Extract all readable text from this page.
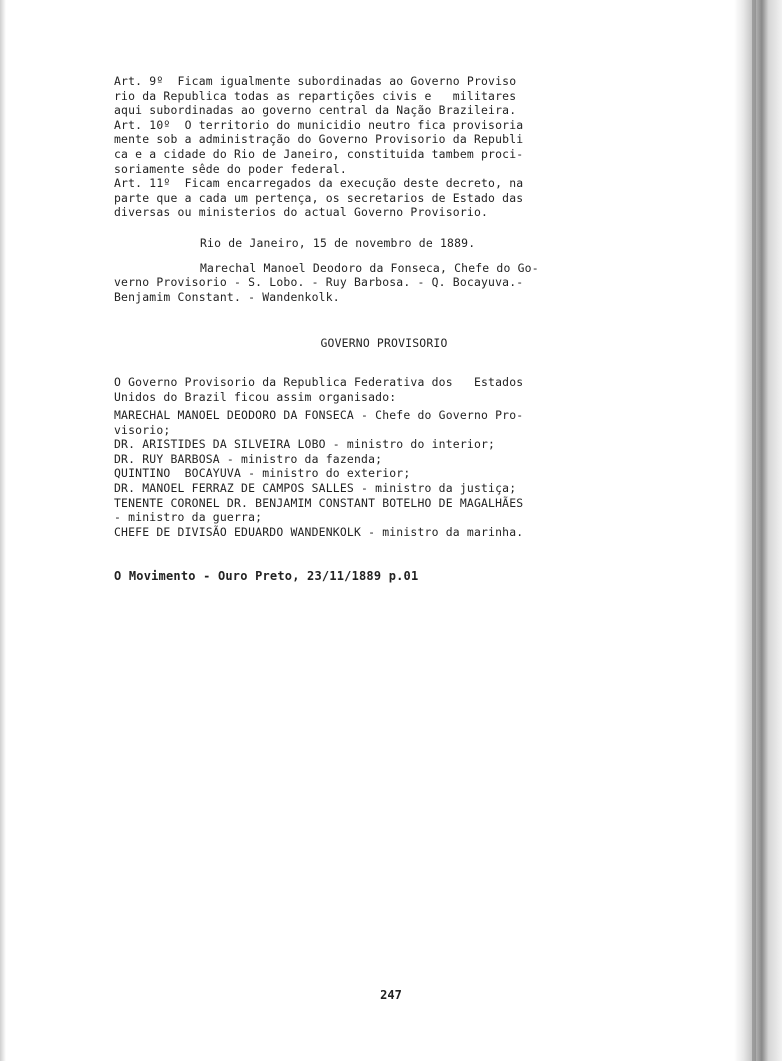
Art. 9º  Ficam igualmente subordinadas ao Governo Proviso

rio da Republica todas as repartições civis e   militares

aqui subordinadas ao governo central da Nação Brazileira.

Art. 10º  O territorio do municidio neutro fica provisoria

mente sob a administração do Governo Provisorio da Republi

ca e a cidade do Rio de Janeiro, constituida tambem proci-

soriamente sêde do poder federal.

Art. 11º  Ficam encarregados da execução deste decreto, na

parte que a cada um pertença, os secretarios de Estado das

diversas ou ministerios do actual Governo Provisorio.

Rio de Janeiro, 15 de novembro de 1889.

Marechal Manoel Deodoro da Fonseca, Chefe do Go-

verno Provisorio - S. Lobo. - Ruy Barbosa. - Q. Bocayuva.-

Benjamim Constant. - Wandenkolk.

GOVERNO PROVISORIO

O Governo Provisorio da Republica Federativa dos   Estados

Unidos do Brazil ficou assim organisado:

MARECHAL MANOEL DEODORO DA FONSECA - Chefe do Governo Pro-

visorio;

DR. ARISTIDES DA SILVEIRA LOBO - ministro do interior;

DR. RUY BARBOSA - ministro da fazenda;

QUINTINO  BOCAYUVA - ministro do exterior;

DR. MANOEL FERRAZ DE CAMPOS SALLES - ministro da justiça;

TENENTE CORONEL DR. BENJAMIM CONSTANT BOTELHO DE MAGALHÃES

- ministro da guerra;

CHEFE DE DIVISÃO EDUARDO WANDENKOLK - ministro da marinha.

O Movimento - Ouro Preto, 23/11/1889 p.01

247
